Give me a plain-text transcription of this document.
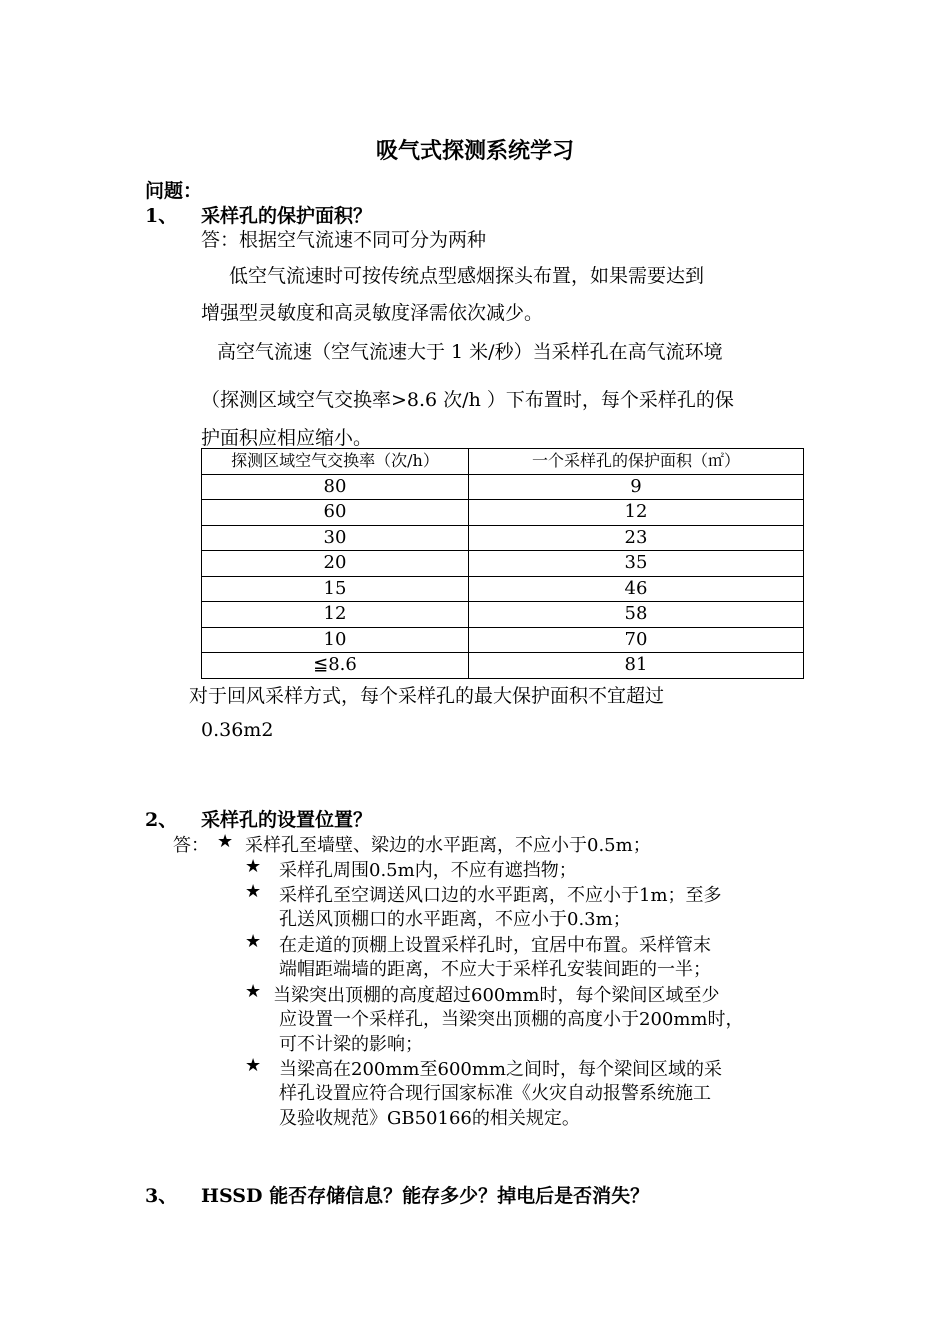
吸气式探测系统学习
问题：
1、 采样孔的保护面积？
答：根据空气流速不同可分为两种
低空气流速时可按传统点型感烟探头布置，如果需要达到
增强型灵敏度和高灵敏度泽需依次减少。
高空气流速（空气流速大于 1 米/秒）当采样孔在高气流环境
（探测区域空气交换率>8.6 次/h ）下布置时，每个采样孔的保
护面积应相应缩小。
探测区域空气交换率（次/h）	一个采样孔的保护面积（㎡）
80	9
60	12
30	23
20	35
15	46
12	58
10	70
≦8.6	81
对于回风采样方式，每个采样孔的最大保护面积不宜超过
0.36m2
2、 采样孔的设置位置？
答： ★ 采样孔至墙壁、梁边的水平距离，不应小于0.5m；
★ 采样孔周围0.5m内，不应有遮挡物；
★ 采样孔至空调送风口边的水平距离，不应小于1m；至多
孔送风顶棚口的水平距离，不应小于0.3m；
★ 在走道的顶棚上设置采样孔时，宜居中布置。采样管末
端帽距端墙的距离，不应大于采样孔安装间距的一半；
★ 当梁突出顶棚的高度超过600mm时，每个梁间区域至少
应设置一个采样孔，当梁突出顶棚的高度小于200mm时，
可不计梁的影响；
★ 当梁高在200mm至600mm之间时，每个梁间区域的采
样孔设置应符合现行国家标准《火灾自动报警系统施工
及验收规范》GB50166的相关规定。
3、 HSSD 能否存储信息？能存多少？掉电后是否消失？
